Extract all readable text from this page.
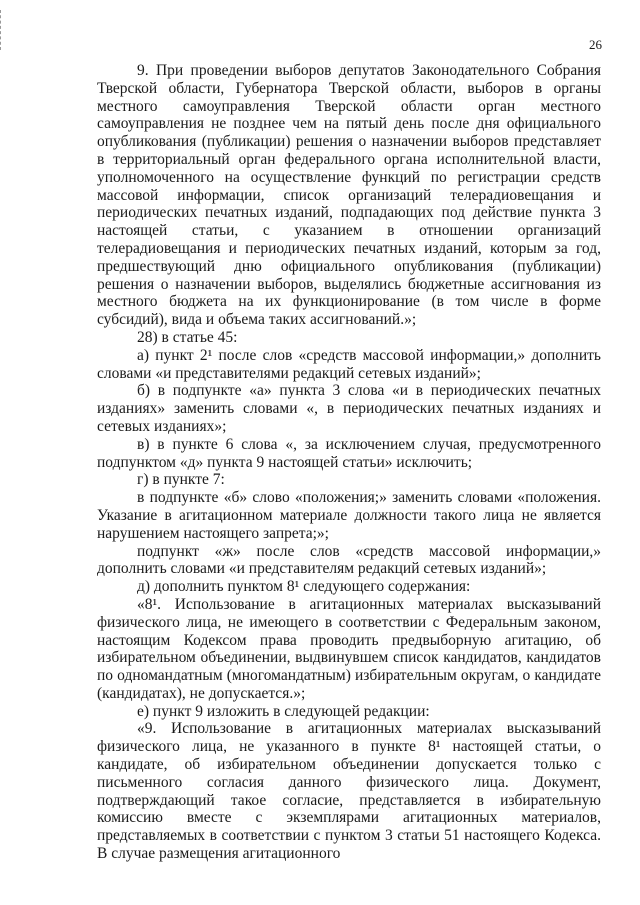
26

9. При проведении выборов депутатов Законодательного Собрания Тверской области, Губернатора Тверской области, выборов в органы местного самоуправления Тверской области орган местного самоуправления не позднее чем на пятый день после дня официального опубликования (публикации) решения о назначении выборов представляет в территориальный орган федерального органа исполнительной власти, уполномоченного на осуществление функций по регистрации средств массовой информации, список организаций телерадиовещания и периодических печатных изданий, подпадающих под действие пункта 3 настоящей статьи, с указанием в отношении организаций телерадиовещания и периодических печатных изданий, которым за год, предшествующий дню официального опубликования (публикации) решения о назначении выборов, выделялись бюджетные ассигнования из местного бюджета на их функционирование (в том числе в форме субсидий), вида и объема таких ассигнований.»;

28) в статье 45:

а) пункт 2¹ после слов «средств массовой информации,» дополнить словами «и представителями редакций сетевых изданий»;

б) в подпункте «а» пункта 3 слова «и в периодических печатных изданиях» заменить словами «, в периодических печатных изданиях и сетевых изданиях»;

в) в пункте 6 слова «, за исключением случая, предусмотренного подпунктом «д» пункта 9 настоящей статьи» исключить;

г) в пункте 7:

в подпункте «б» слово «положения;» заменить словами «положения. Указание в агитационном материале должности такого лица не является нарушением настоящего запрета;»;

подпункт «ж» после слов «средств массовой информации,» дополнить словами «и представителям редакций сетевых изданий»;

д) дополнить пунктом 8¹ следующего содержания:

«8¹. Использование в агитационных материалах высказываний физического лица, не имеющего в соответствии с Федеральным законом, настоящим Кодексом права проводить предвыборную агитацию, об избирательном объединении, выдвинувшем список кандидатов, кандидатов по одномандатным (многомандатным) избирательным округам, о кандидате (кандидатах), не допускается.»;

е) пункт 9 изложить в следующей редакции:

«9. Использование в агитационных материалах высказываний физического лица, не указанного в пункте 8¹ настоящей статьи, о кандидате, об избирательном объединении допускается только с письменного согласия данного физического лица. Документ, подтверждающий такое согласие, представляется в избирательную комиссию вместе с экземплярами агитационных материалов, представляемых в соответствии с пунктом 3 статьи 51 настоящего Кодекса. В случае размещения агитационного
